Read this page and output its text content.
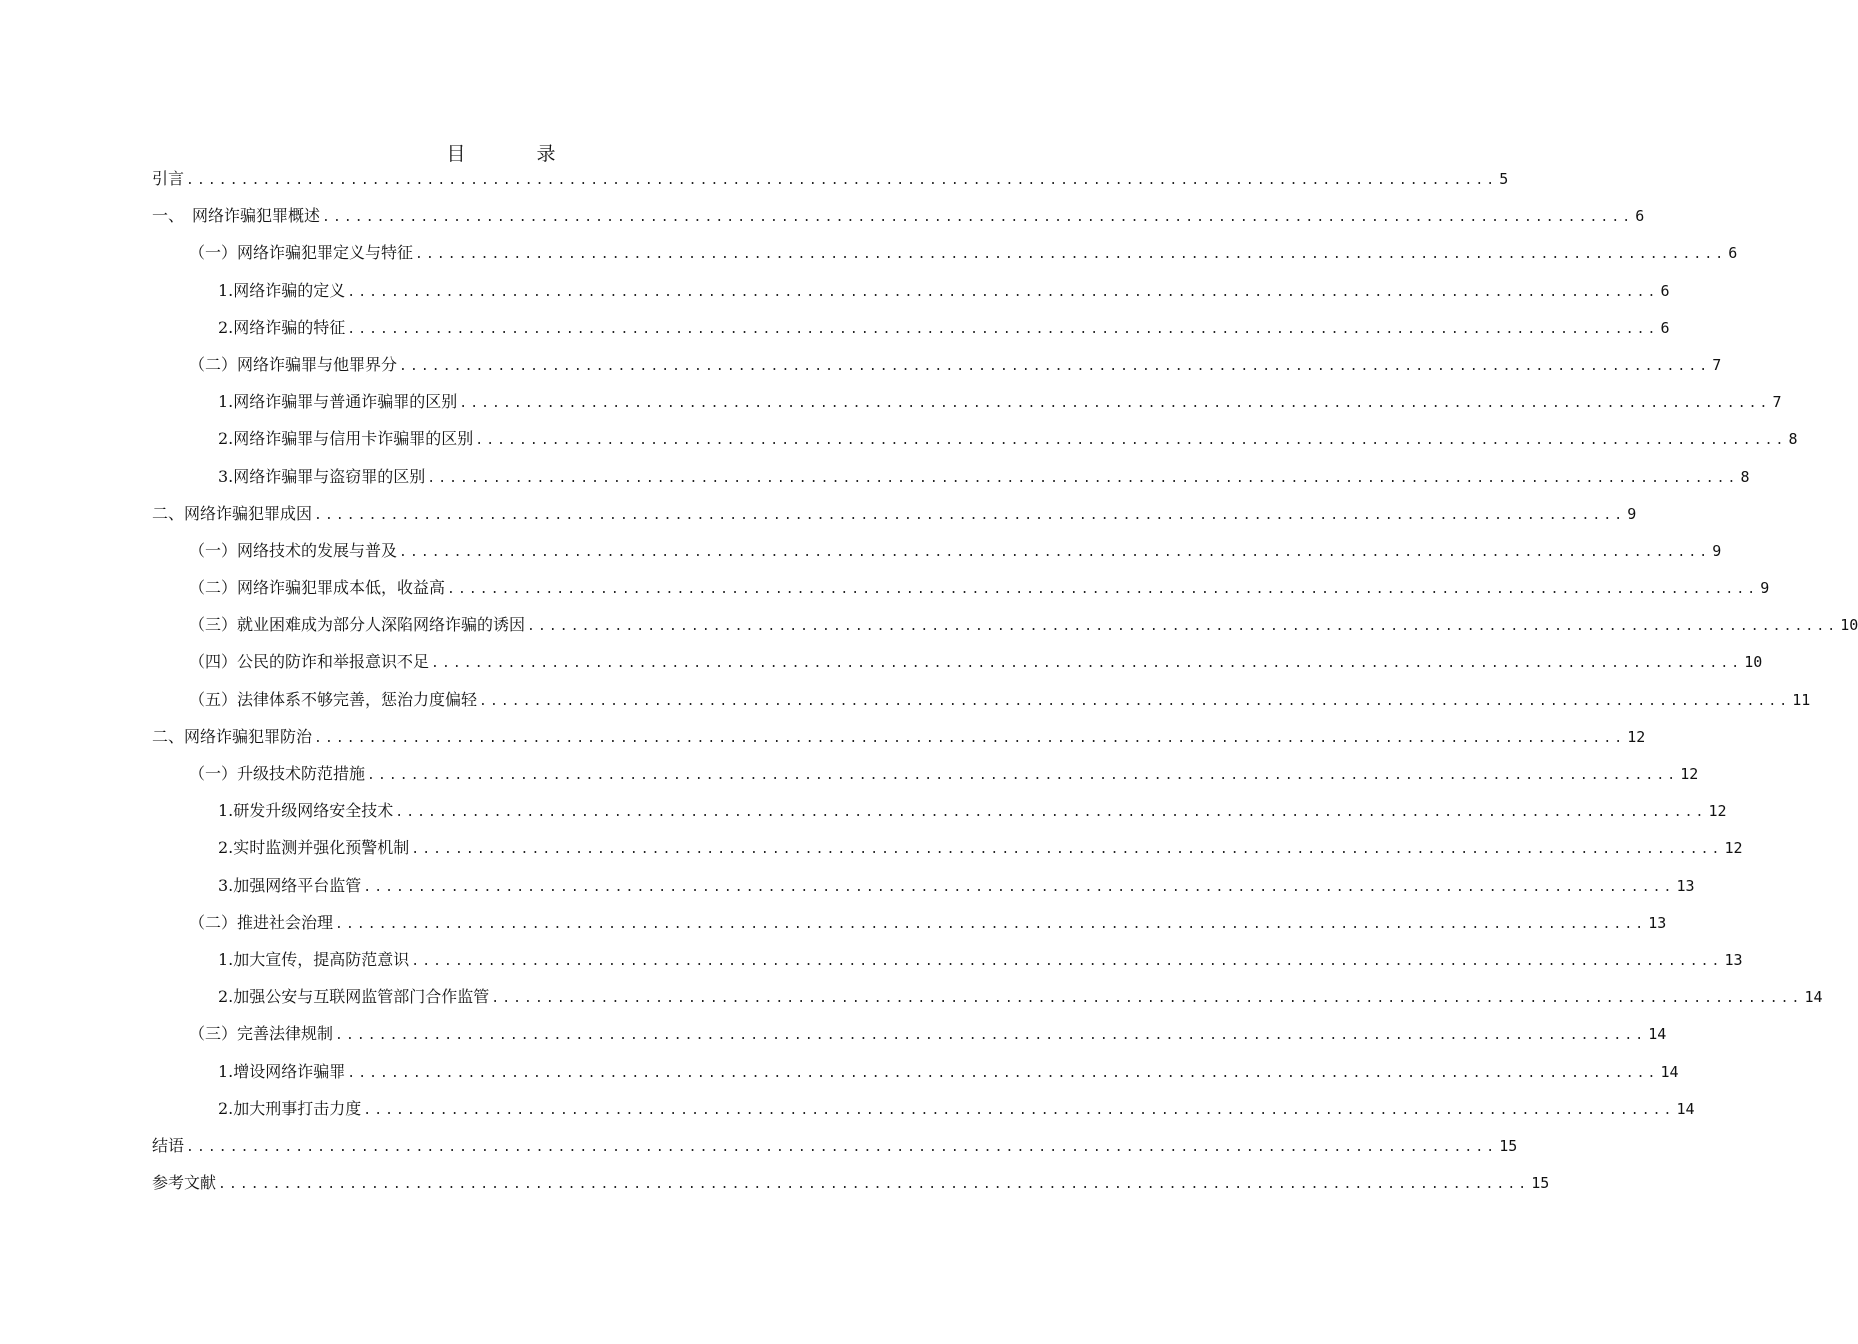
目　录
引言 ........................................................................................................................ 5
一、　网络诈骗犯罪概述 ........................................................................................................................ 6
（一）网络诈骗犯罪定义与特征 ........................................................................................................................ 6
1.网络诈骗的定义 ........................................................................................................................ 6
2.网络诈骗的特征 ........................................................................................................................ 6
（二）网络诈骗罪与他罪界分 ........................................................................................................................ 7
1.网络诈骗罪与普通诈骗罪的区别 ........................................................................................................................ 7
2.网络诈骗罪与信用卡诈骗罪的区别 ........................................................................................................................ 8
3.网络诈骗罪与盗窃罪的区别 ........................................................................................................................ 8
二、网络诈骗犯罪成因 ........................................................................................................................ 9
（一）网络技术的发展与普及 ........................................................................................................................ 9
（二）网络诈骗犯罪成本低，收益高 ........................................................................................................................ 9
（三）就业困难成为部分人深陷网络诈骗的诱因 ........................................................................................................................ 10
（四）公民的防诈和举报意识不足 ........................................................................................................................ 10
（五）法律体系不够完善，惩治力度偏轻 ........................................................................................................................ 11
二、网络诈骗犯罪防治 ........................................................................................................................ 12
（一）升级技术防范措施 ........................................................................................................................ 12
1.研发升级网络安全技术 ........................................................................................................................ 12
2.实时监测并强化预警机制 ........................................................................................................................ 12
3.加强网络平台监管 ........................................................................................................................ 13
（二）推进社会治理 ........................................................................................................................ 13
1.加大宣传，提高防范意识 ........................................................................................................................ 13
2.加强公安与互联网监管部门合作监管 ........................................................................................................................ 14
（三）完善法律规制 ........................................................................................................................ 14
1.增设网络诈骗罪 ........................................................................................................................ 14
2.加大刑事打击力度 ........................................................................................................................ 14
结语 ........................................................................................................................ 15
参考文献 ........................................................................................................................ 15
